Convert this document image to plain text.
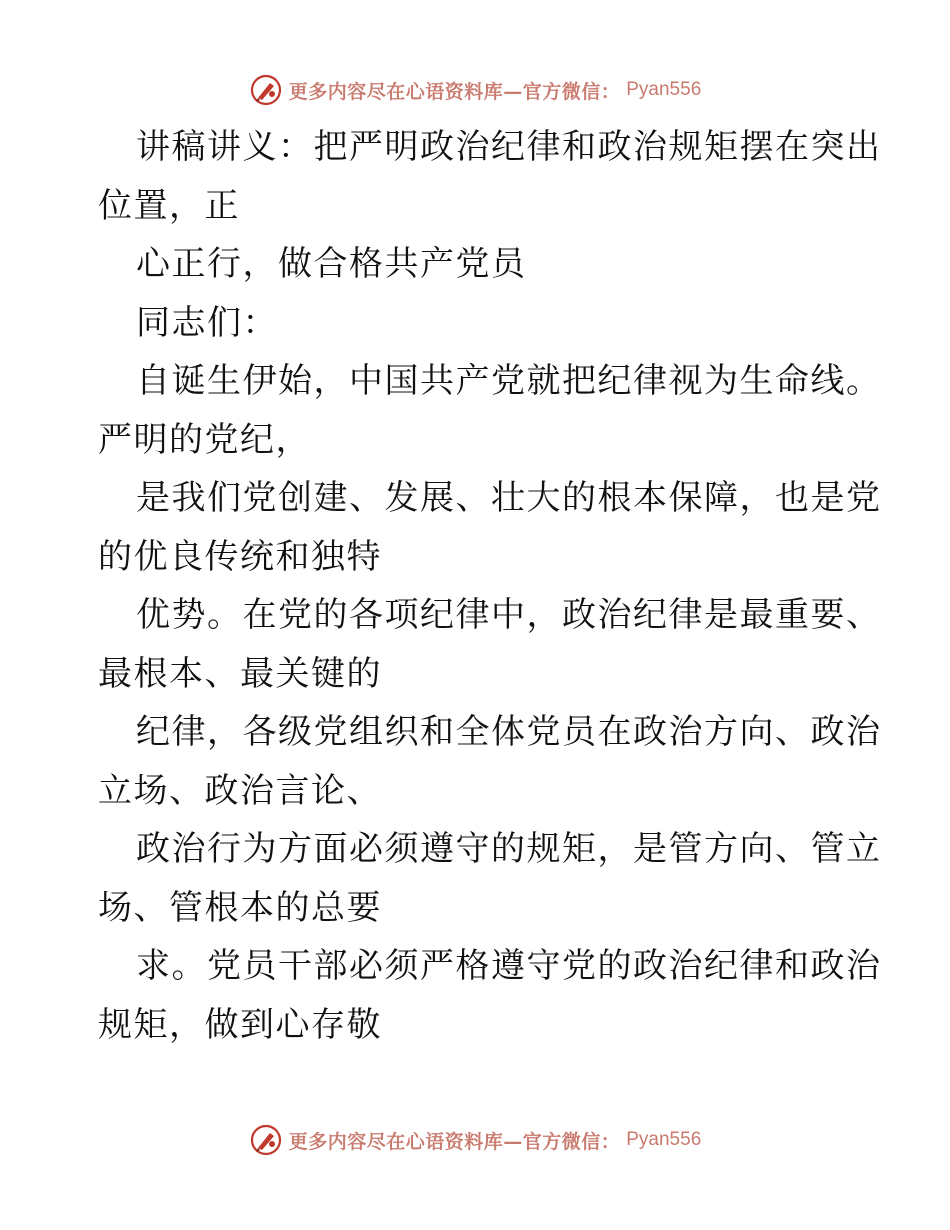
更多内容尽在心语资料库—官方微信： Pyan556
讲稿讲义：把严明政治纪律和政治规矩摆在突出
位置，正
心正行，做合格共产党员
同志们：
自诞生伊始，中国共产党就把纪律视为生命线。
严明的党纪，
是我们党创建、发展、壮大的根本保障，也是党
的优良传统和独特
优势。在党的各项纪律中，政治纪律是最重要、
最根本、最关键的
纪律，各级党组织和全体党员在政治方向、政治
立场、政治言论、
政治行为方面必须遵守的规矩，是管方向、管立
场、管根本的总要
求。党员干部必须严格遵守党的政治纪律和政治
规矩，做到心存敬
更多内容尽在心语资料库—官方微信： Pyan556
